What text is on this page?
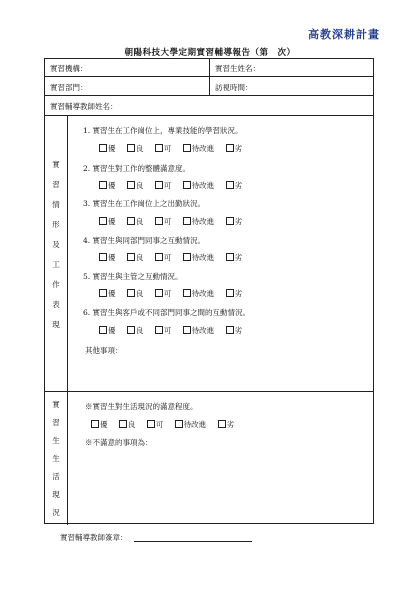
高教深耕計畫
朝陽科技大學定期實習輔導報告（第　次）
實習機構：	實習生姓名：
實習部門：	訪視時間：
實習輔導教師姓名：
實
習
情
形
及
工
作
表
現
1. 實習生在工作崗位上，專業技能的學習狀況。
優	良	可	待改進	劣
2. 實習生對工作的整體滿意度。
優	良	可	待改進	劣
3. 實習生在工作崗位上之出勤狀況。
優	良	可	待改進	劣
4. 實習生與同部門同事之互動情況。
優	良	可	待改進	劣
5. 實習生與主管之互動情況。
優	良	可	待改進	劣
6. 實習生與客戶或不同部門同事之間的互動情況。
優	良	可	待改進	劣
其他事項：
實
習
生
生
活
現
況
※實習生對生活現況的滿意程度。
優	良	可	待改進	劣
※不滿意的事項為：
實習輔導教師簽章：
